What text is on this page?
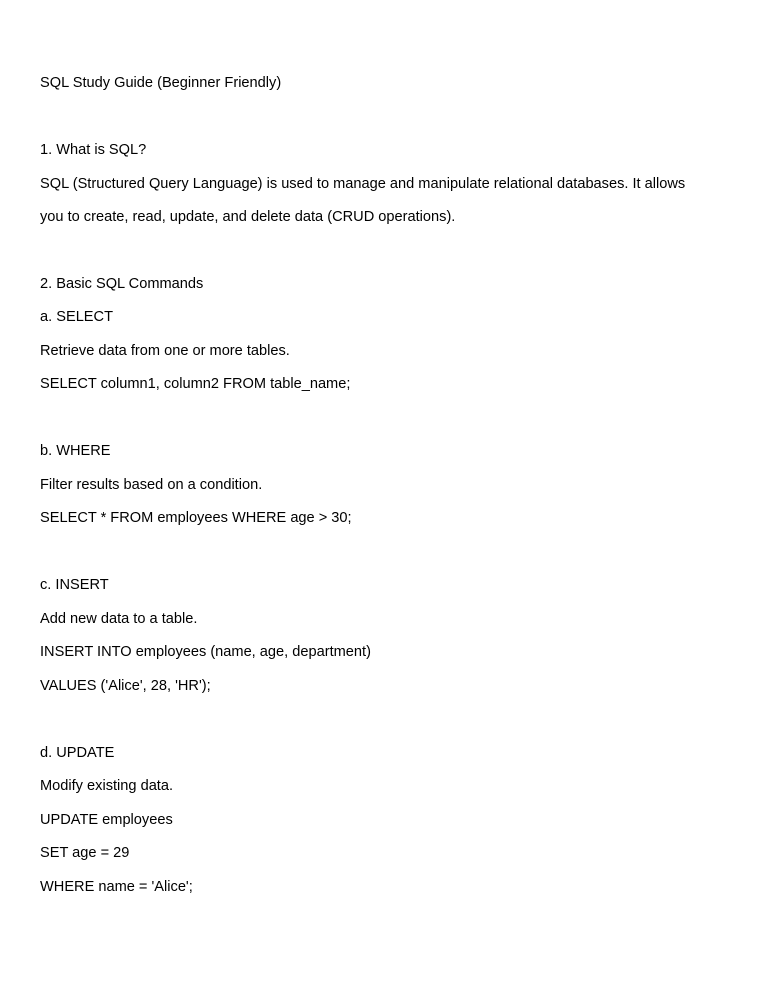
SQL Study Guide (Beginner Friendly)
1. What is SQL?
SQL (Structured Query Language) is used to manage and manipulate relational databases. It allows
you to create, read, update, and delete data (CRUD operations).
2. Basic SQL Commands
a. SELECT
Retrieve data from one or more tables.
SELECT column1, column2 FROM table_name;
b. WHERE
Filter results based on a condition.
SELECT * FROM employees WHERE age > 30;
c. INSERT
Add new data to a table.
INSERT INTO employees (name, age, department)
VALUES ('Alice', 28, 'HR');
d. UPDATE
Modify existing data.
UPDATE employees
SET age = 29
WHERE name = 'Alice';
